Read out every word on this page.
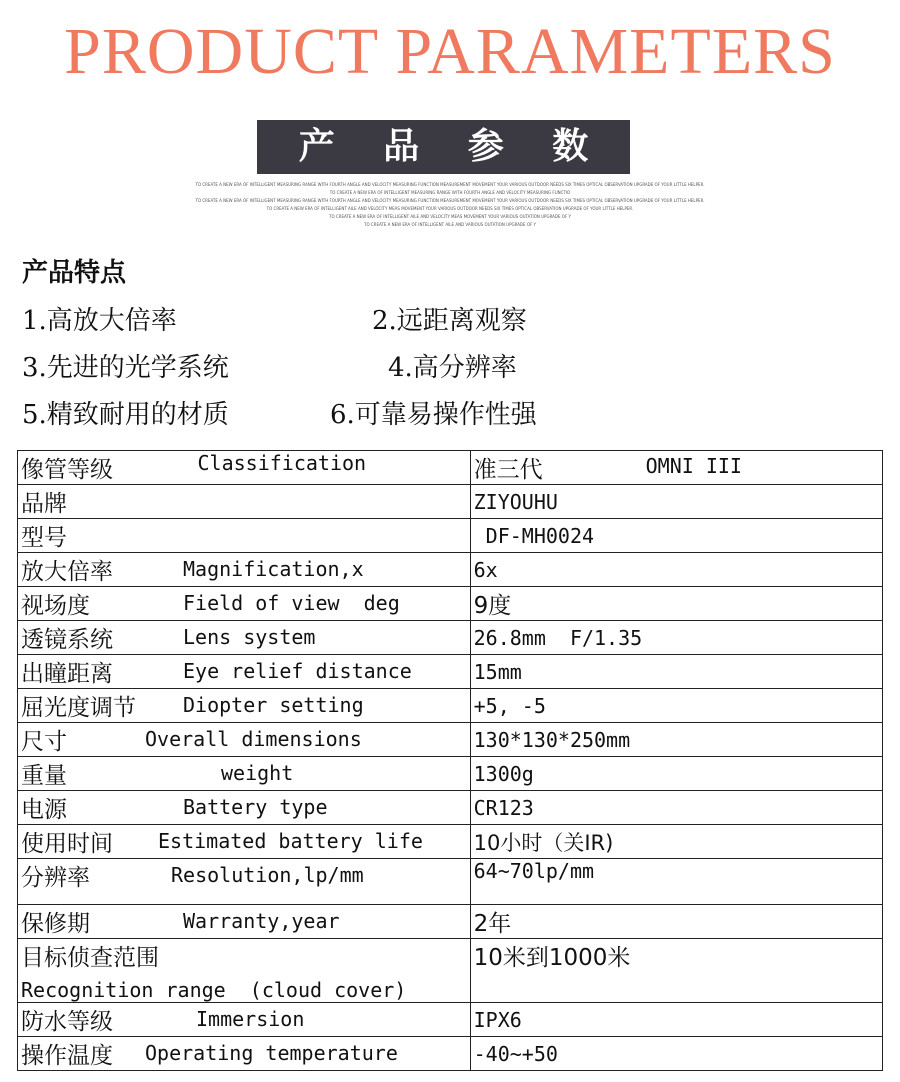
PRODUCT PARAMETERS
产 品 参 数
TO CREATE A NEW ERA OF INTELLIGENT MEASURING RANGE WITH FOURTH ANGLE AND VELOCITY MEASURING FUNCTION MEASUREMENT MOVEMENT YOUR VARIOUS OUTDOOR NEEDS SIX TIMES OPTICAL OBSERVATION UPGRADE OF YOUR LITTLE HELPER.
TO CREATE A NEW ERA OF INTELLIGENT MEASURING RANGE WITH FOURTH ANGLE AND VELOCITY MEASURING FUNCTIO
TO CREATE A NEW ERA OF INTELLIGENT MEASURING RANGE WITH FOURTH ANGLE AND VELOCITY MEASURING FUNCTION MEASUREMENT MOVEMENT YOUR VARIOUS OUTDOOR NEEDS SIX TIMES OPTICAL OBSERVATION UPGRADE OF YOUR LITTLE HELPER.
TO CREATE A NEW ERA OF INTELLIGENT AILE AND VELOCITY MEAS MOVEMENT YOUR VARIOUS OUTDOOR NEEDS SIX TIMES OPTICAL OBSERVATION UPGRADE OF YOUR LITTLE HELPER.
TO CREATE A NEW ERA OF INTELLIGENT AILE AND VELOCITY MEAS MOVEMENT YOUR VARIOUS OUTATION UPGRADE OF Y
TO CREATE A NEW ERA OF INTELLIGENT AILE AND VARIOUS OUTATION UPGRADE OF Y
产品特点
1.高放大倍率	2.远距离观察
3.先进的光学系统	4.高分辨率
5.精致耐用的材质	6.可靠易操作性强
像管等级 Classification	准三代 OMNI III

品牌	ZIYOUHU
型号	DF-MH0024
放大倍率 Magnification,x	6x
视场度 Field of view  deg	9度
透镜系统 Lens system	26.8mm  F/1.35
出瞳距离 Eye relief distance	15mm
屈光度调节 Diopter setting	+5, -5
尺寸 Overall dimensions	130*130*250mm
重量 weight	1300g
电源 Battery type	CR123
使用时间 Estimated battery life	10小时（关IR)
分辨率 Resolution,lp/mm	64~70lp/mm
保修期 Warranty,year	2年
目标侦查范围
Recognition range  (cloud cover)	10米到1000米
防水等级 Immersion	IPX6
操作温度 Operating temperature	-40~+50
